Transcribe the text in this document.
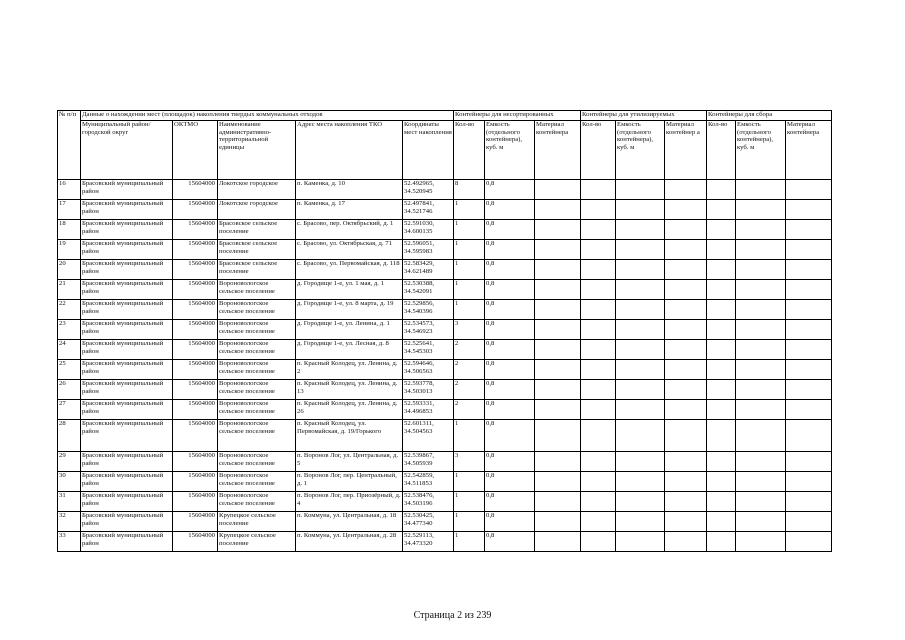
№ п/п	Данные о нахождении мест (площадок) накопления твердых коммунальных отходов					Контейнеры для несортированных			Контейнеры для утилизируемых			Контейнеры для сбора		
	Муниципальный район/городской округ	ОКТМО	Наименование административно-территориальной единицы	Адрес места накопления ТКО	Координаты мест накопления	Кол-во	Емкость (отдельного контейнера), куб. м	Материал контейнера	Кол-во	Емкость (отдельного контейнера), куб. м	Материал контейнер а	Кол-во	Емкость (отдельного контейнера), куб. м	Материал контейнера
16	Брасовский муниципальный район	15604000	Локотское городское	п. Каменка, д. 10	52.492965, 34.520945	8	0,8							
17	Брасовский муниципальный район	15604000	Локотское городское	п. Каменка, д. 17	52.497841, 34.521746	1	0,8							
18	Брасовский муниципальный район	15604000	Брасовское сельское поселение	с. Брасово, пер. Октябрьский, д. 1	52.591030, 34.600135	1	0,8							
19	Брасовский муниципальный район	15604000	Брасовское сельское поселение	с. Брасово, ул. Октябрьская, д. 71	52.596051, 34.595983	1	0,8							
20	Брасовский муниципальный район	15604000	Брасовское сельское поселение	с. Брасово, ул. Первомайская, д. 118	52.583429, 34.621489	1	0,8							
21	Брасовский муниципальный район	15604000	Вороновологское сельское поселение	д. Городище 1-е, ул. 1 мая, д. 1	52.530388, 34.542091	1	0,8							
22	Брасовский муниципальный район	15604000	Вороновологское сельское поселение	д. Городище 1-е, ул. 8 марта, д. 19	52.529856, 34.540396	1	0,8							
23	Брасовский муниципальный район	15604000	Вороновологское сельское поселение	д. Городище 1-е, ул. Ленина, д. 1	52.534573, 34.546923	3	0,8							
24	Брасовский муниципальный район	15604000	Вороновологское сельское поселение	д. Городище 1-е, ул. Лесная, д. 8	52.525641, 34.545303	2	0,8							
25	Брасовский муниципальный район	15604000	Вороновологское сельское поселение	п. Красный Колодец, ул. Ленина, д. 2	52.594646, 34.506563	2	0,8							
26	Брасовский муниципальный район	15604000	Вороновологское сельское поселение	п. Красный Колодец, ул. Ленина, д. 13	52.593778, 34.503013	2	0,8							
27	Брасовский муниципальный район	15604000	Вороновологское сельское поселение	п. Красный Колодец, ул. Ленина, д. 26	52.593331, 34.496853	2	0,8							
28	Брасовский муниципальный район	15604000	Вороновологское сельское поселение	п. Красный Колодец, ул. Первомайская, д. 19/Горького	52.601311, 34.504563	1	0,8							
29	Брасовский муниципальный район	15604000	Вороновологское сельское поселение	п. Воронов Лог, ул. Центральная, д. 5	52.539867, 34.505939	3	0,8							
30	Брасовский муниципальный район	15604000	Вороновологское сельское поселение	п. Воронов Лог, пер. Центральный, д. 1	52.542859, 34.511853	1	0,8							
31	Брасовский муниципальный район	15604000	Вороновологское сельское поселение	п. Воронов Лог, пер. Приозёрный, д. 4	52.538476, 34.503196	1	0,8							
32	Брасовский муниципальный район	15604000	Крупецкое сельское поселение	п. Коммуна, ул. Центральная, д. 18	52.530425, 34.477340	1	0,8							
33	Брасовский муниципальный район	15604000	Крупецкое сельское поселение	п. Коммуна, ул. Центральная, д. 28	52.529113, 34.473320	1	0,8							
Страница 2 из 239
